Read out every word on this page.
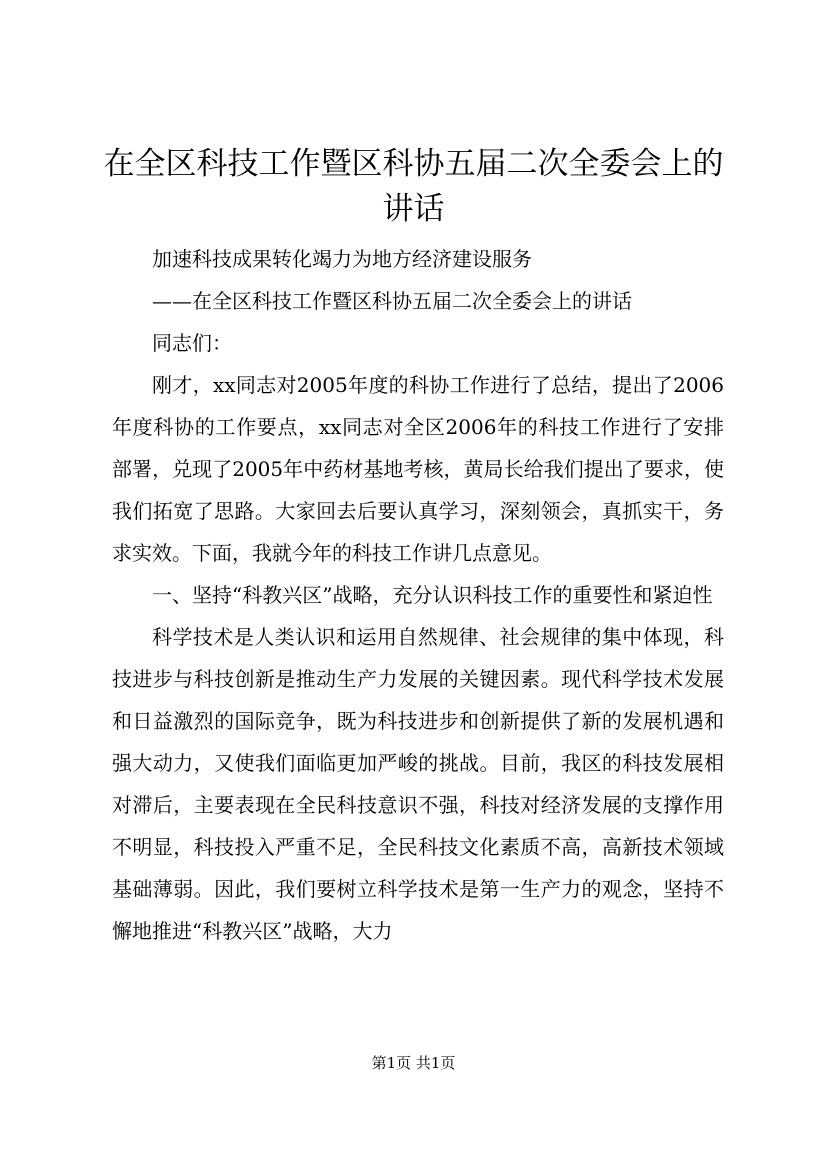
在全区科技工作暨区科协五届二次全委会上的讲话

加速科技成果转化竭力为地方经济建设服务

——在全区科技工作暨区科协五届二次全委会上的讲话

同志们：

刚才，xx同志对2005年度的科协工作进行了总结，提出了2006年度科协的工作要点，xx同志对全区2006年的科技工作进行了安排部署，兑现了2005年中药材基地考核，黄局长给我们提出了要求，使我们拓宽了思路。大家回去后要认真学习，深刻领会，真抓实干，务求实效。下面，我就今年的科技工作讲几点意见。

一、坚持“科教兴区”战略，充分认识科技工作的重要性和紧迫性

科学技术是人类认识和运用自然规律、社会规律的集中体现，科技进步与科技创新是推动生产力发展的关键因素。现代科学技术发展和日益激烈的国际竞争，既为科技进步和创新提供了新的发展机遇和强大动力，又使我们面临更加严峻的挑战。目前，我区的科技发展相对滞后，主要表现在全民科技意识不强，科技对经济发展的支撑作用不明显，科技投入严重不足，全民科技文化素质不高，高新技术领域基础薄弱。因此，我们要树立科学技术是第一生产力的观念，坚持不懈地推进“科教兴区”战略，大力

第1页 共1页
